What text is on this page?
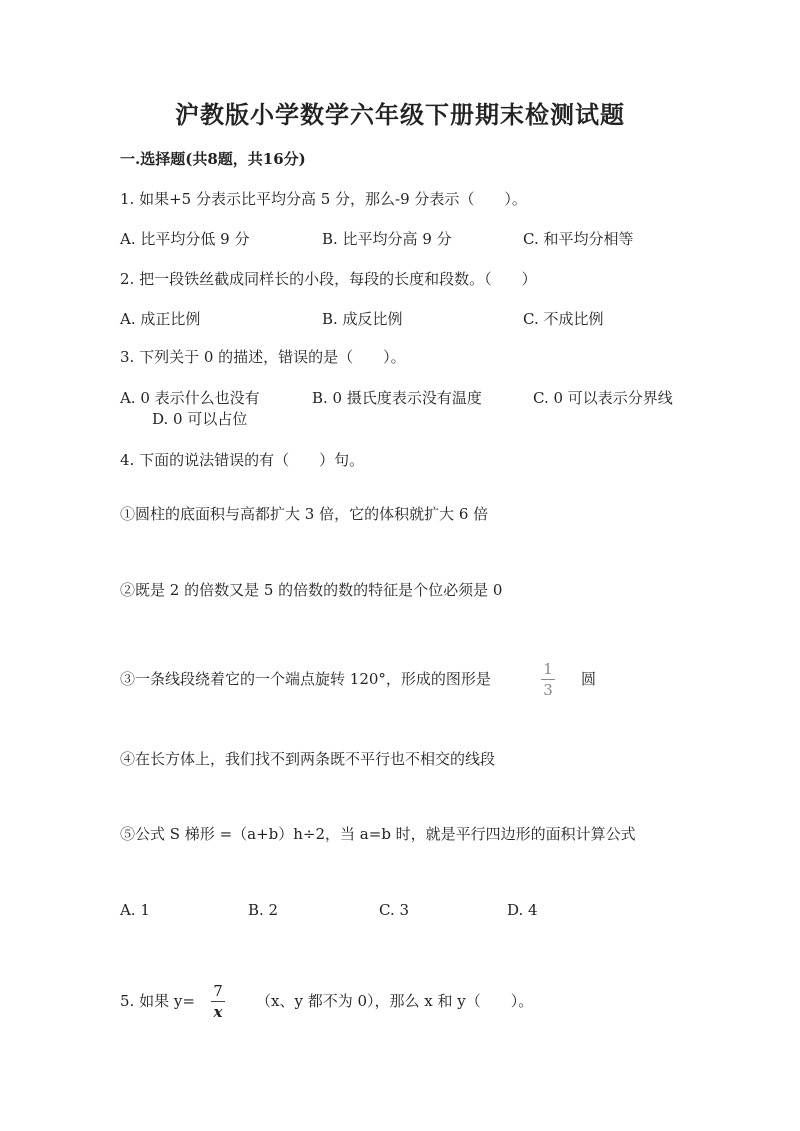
沪教版小学数学六年级下册期末检测试题
一.选择题(共8题，共16分)
1. 如果+5 分表示比平均分高 5 分，那么-9 分表示（　　）。
A. 比平均分低 9 分	B. 比平均分高 9 分	C. 和平均分相等
2. 把一段铁丝截成同样长的小段，每段的长度和段数。（　　）
A. 成正比例	B. 成反比例	C. 不成比例
3. 下列关于 0 的描述，错误的是（　　）。
A. 0 表示什么也没有	B. 0 摄氏度表示没有温度	C. 0 可以表示分界线
D. 0 可以占位
4. 下面的说法错误的有（　　）句。
①圆柱的底面积与高都扩大 3 倍，它的体积就扩大 6 倍
②既是 2 的倍数又是 5 的倍数的数的特征是个位必须是 0
③一条线段绕着它的一个端点旋转 120°，形成的图形是
1
3
圆
④在长方体上，我们找不到两条既不平行也不相交的线段
⑤公式 S 梯形 =（a+b）h÷2，当 a=b 时，就是平行四边形的面积计算公式
A. 1	B. 2	C. 3	D. 4
5. 如果 y=
7
x
（x、y 都不为 0），那么 x 和 y（　　）。
